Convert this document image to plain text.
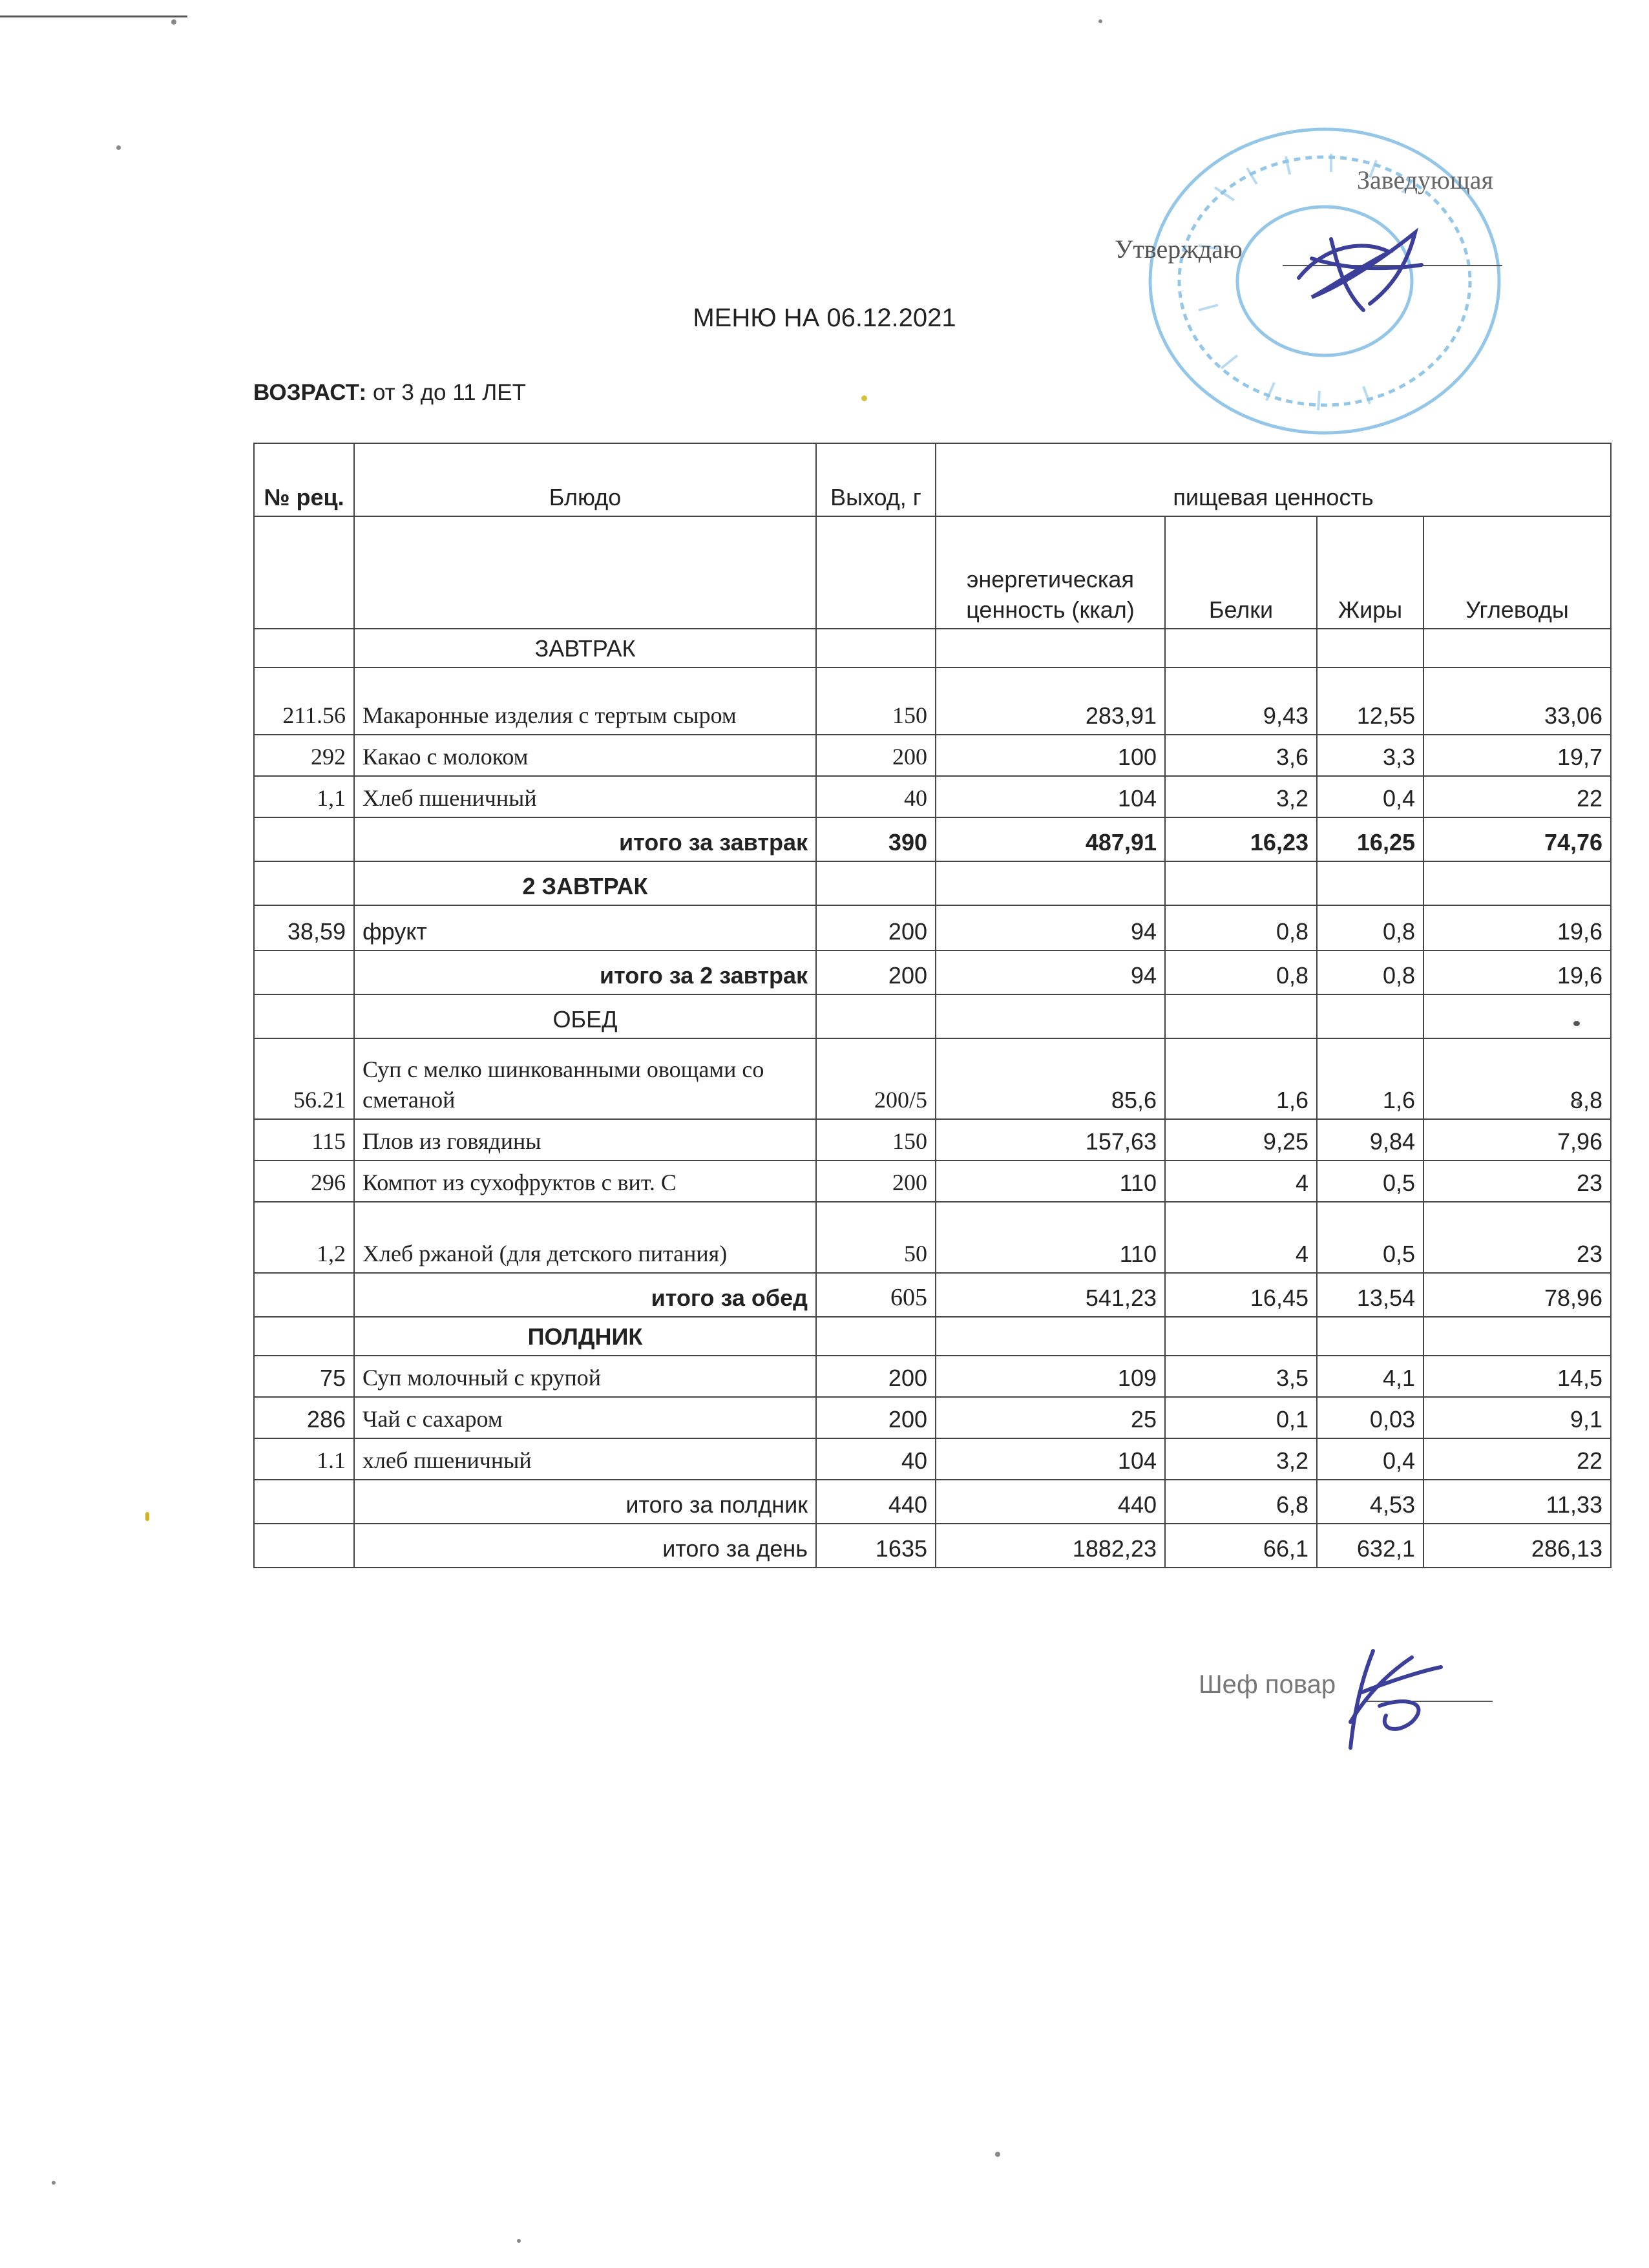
Заведующая
Утверждаю
МЕНЮ НА 06.12.2021
ВОЗРАСТ: от 3 до 11 ЛЕТ
№ рец.	Блюдо	Выход, г	пищевая ценность			
			энергетическая ценность (ккал)	Белки	Жиры	Углеводы
	ЗАВТРАК					
211.56	Макаронные изделия с тертым сыром	150	283,91	9,43	12,55	33,06
292	Какао с молоком	200	100	3,6	3,3	19,7
1,1	Хлеб пшеничный	40	104	3,2	0,4	22
	итого за завтрак	390	487,91	16,23	16,25	74,76
	2 ЗАВТРАК					
38,59	фрукт	200	94	0,8	0,8	19,6
	итого за 2 завтрак	200	94	0,8	0,8	19,6
	ОБЕД					
56.21	Суп с мелко шинкованными овощами со сметаной	200/5	85,6	1,6	1,6	8,8
115	Плов из говядины	150	157,63	9,25	9,84	7,96
296	Компот из сухофруктов с вит. С	200	110	4	0,5	23
1,2	Хлеб ржаной (для детского питания)	50	110	4	0,5	23
	итого за обед	605	541,23	16,45	13,54	78,96
	ПОЛДНИК					
75	Суп молочный с крупой	200	109	3,5	4,1	14,5
286	Чай с сахаром	200	25	0,1	0,03	9,1
1.1	хлеб пшеничный	40	104	3,2	0,4	22
	итого за полдник	440	440	6,8	4,53	11,33
	итого за день	1635	1882,23	66,1	632,1	286,13
Шеф повар
